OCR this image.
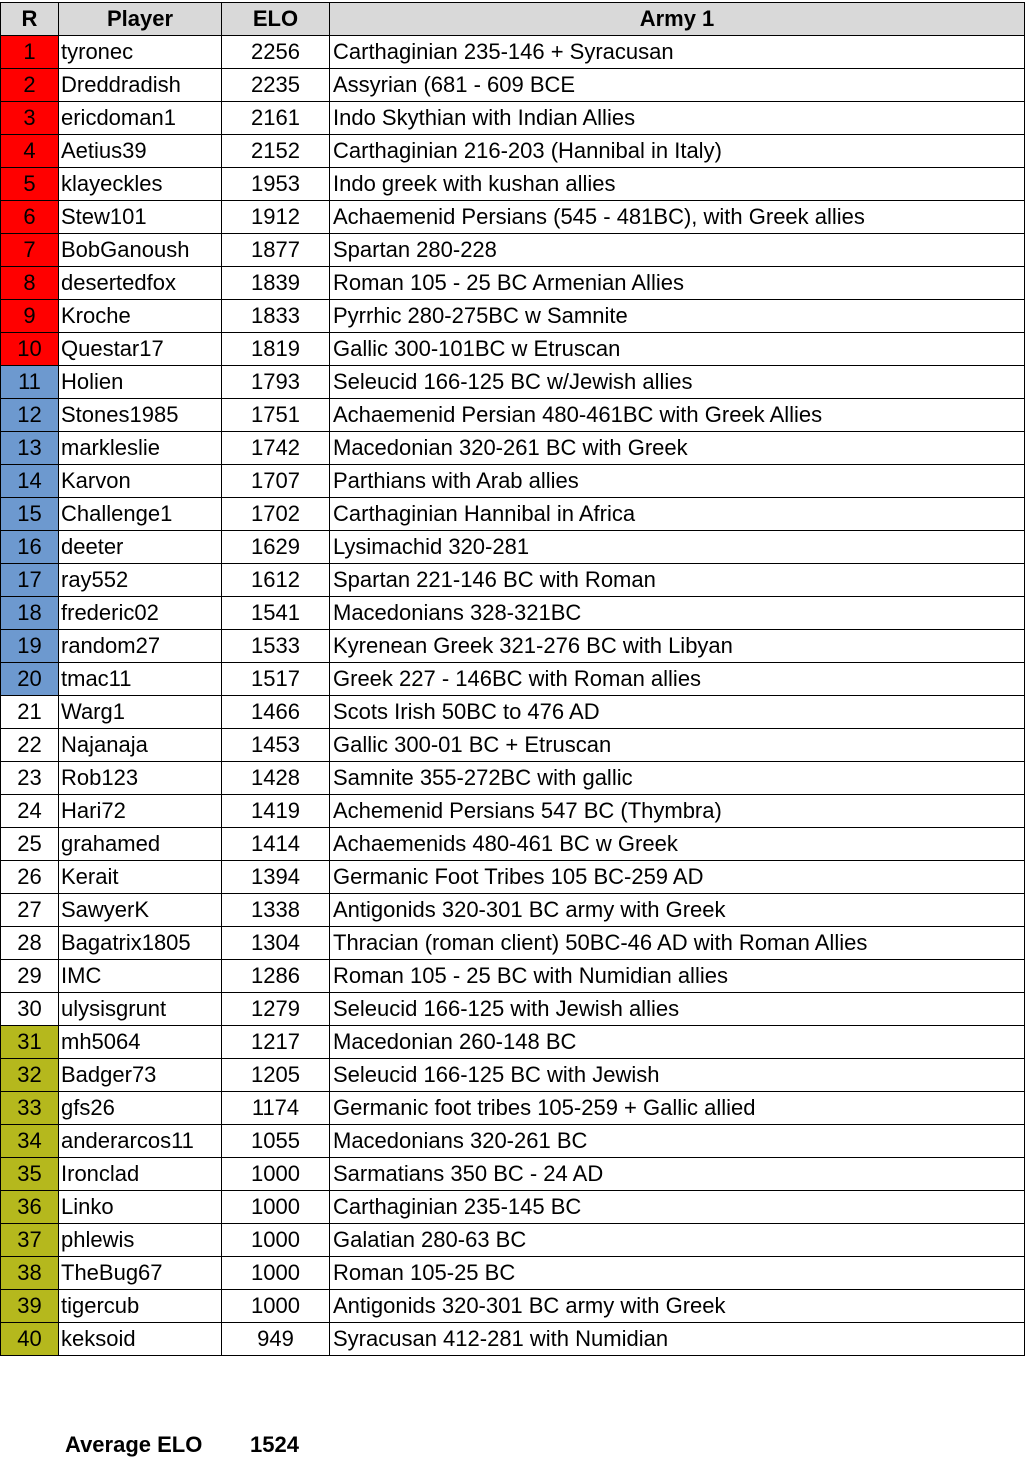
R	Player	ELO	Army 1
1	tyronec	2256	Carthaginian 235-146 + Syracusan
2	Dreddradish	2235	Assyrian (681 - 609 BCE
3	ericdoman1	2161	Indo Skythian with Indian Allies
4	Aetius39	2152	Carthaginian 216-203 (Hannibal in Italy)
5	klayeckles	1953	Indo greek with kushan allies
6	Stew101	1912	Achaemenid Persians (545 - 481BC), with Greek allies
7	BobGanoush	1877	Spartan 280-228
8	desertedfox	1839	Roman 105 - 25 BC Armenian Allies
9	Kroche	1833	Pyrrhic 280-275BC w Samnite
10	Questar17	1819	Gallic 300-101BC w Etruscan
11	Holien	1793	Seleucid 166-125 BC w/Jewish allies
12	Stones1985	1751	Achaemenid Persian 480-461BC with Greek Allies
13	markleslie	1742	Macedonian 320-261 BC with Greek
14	Karvon	1707	Parthians with Arab allies
15	Challenge1	1702	Carthaginian Hannibal in Africa
16	deeter	1629	Lysimachid 320-281
17	ray552	1612	Spartan 221-146 BC with Roman
18	frederic02	1541	Macedonians 328-321BC
19	random27	1533	Kyrenean Greek 321-276 BC with Libyan
20	tmac11	1517	Greek 227 - 146BC with Roman allies
21	Warg1	1466	Scots Irish 50BC to 476 AD
22	Najanaja	1453	Gallic 300-01 BC + Etruscan
23	Rob123	1428	Samnite 355-272BC with gallic
24	Hari72	1419	Achemenid Persians 547 BC (Thymbra)
25	grahamed	1414	Achaemenids 480-461 BC w Greek
26	Kerait	1394	Germanic Foot Tribes 105 BC-259 AD
27	SawyerK	1338	Antigonids 320-301 BC army with Greek
28	Bagatrix1805	1304	Thracian (roman client) 50BC-46 AD with Roman Allies
29	IMC	1286	Roman 105 - 25 BC with Numidian allies
30	ulysisgrunt	1279	Seleucid 166-125 with Jewish allies
31	mh5064	1217	Macedonian 260-148 BC
32	Badger73	1205	Seleucid 166-125 BC with Jewish
33	gfs26	1174	Germanic foot tribes 105-259 + Gallic allied
34	anderarcos11	1055	Macedonians 320-261 BC
35	Ironclad	1000	Sarmatians 350 BC - 24 AD
36	Linko	1000	Carthaginian 235-145 BC
37	phlewis	1000	Galatian 280-63 BC
38	TheBug67	1000	Roman 105-25 BC
39	tigercub	1000	Antigonids 320-301 BC army with Greek
40	keksoid	949	Syracusan 412-281 with Numidian
Average ELO 1524
